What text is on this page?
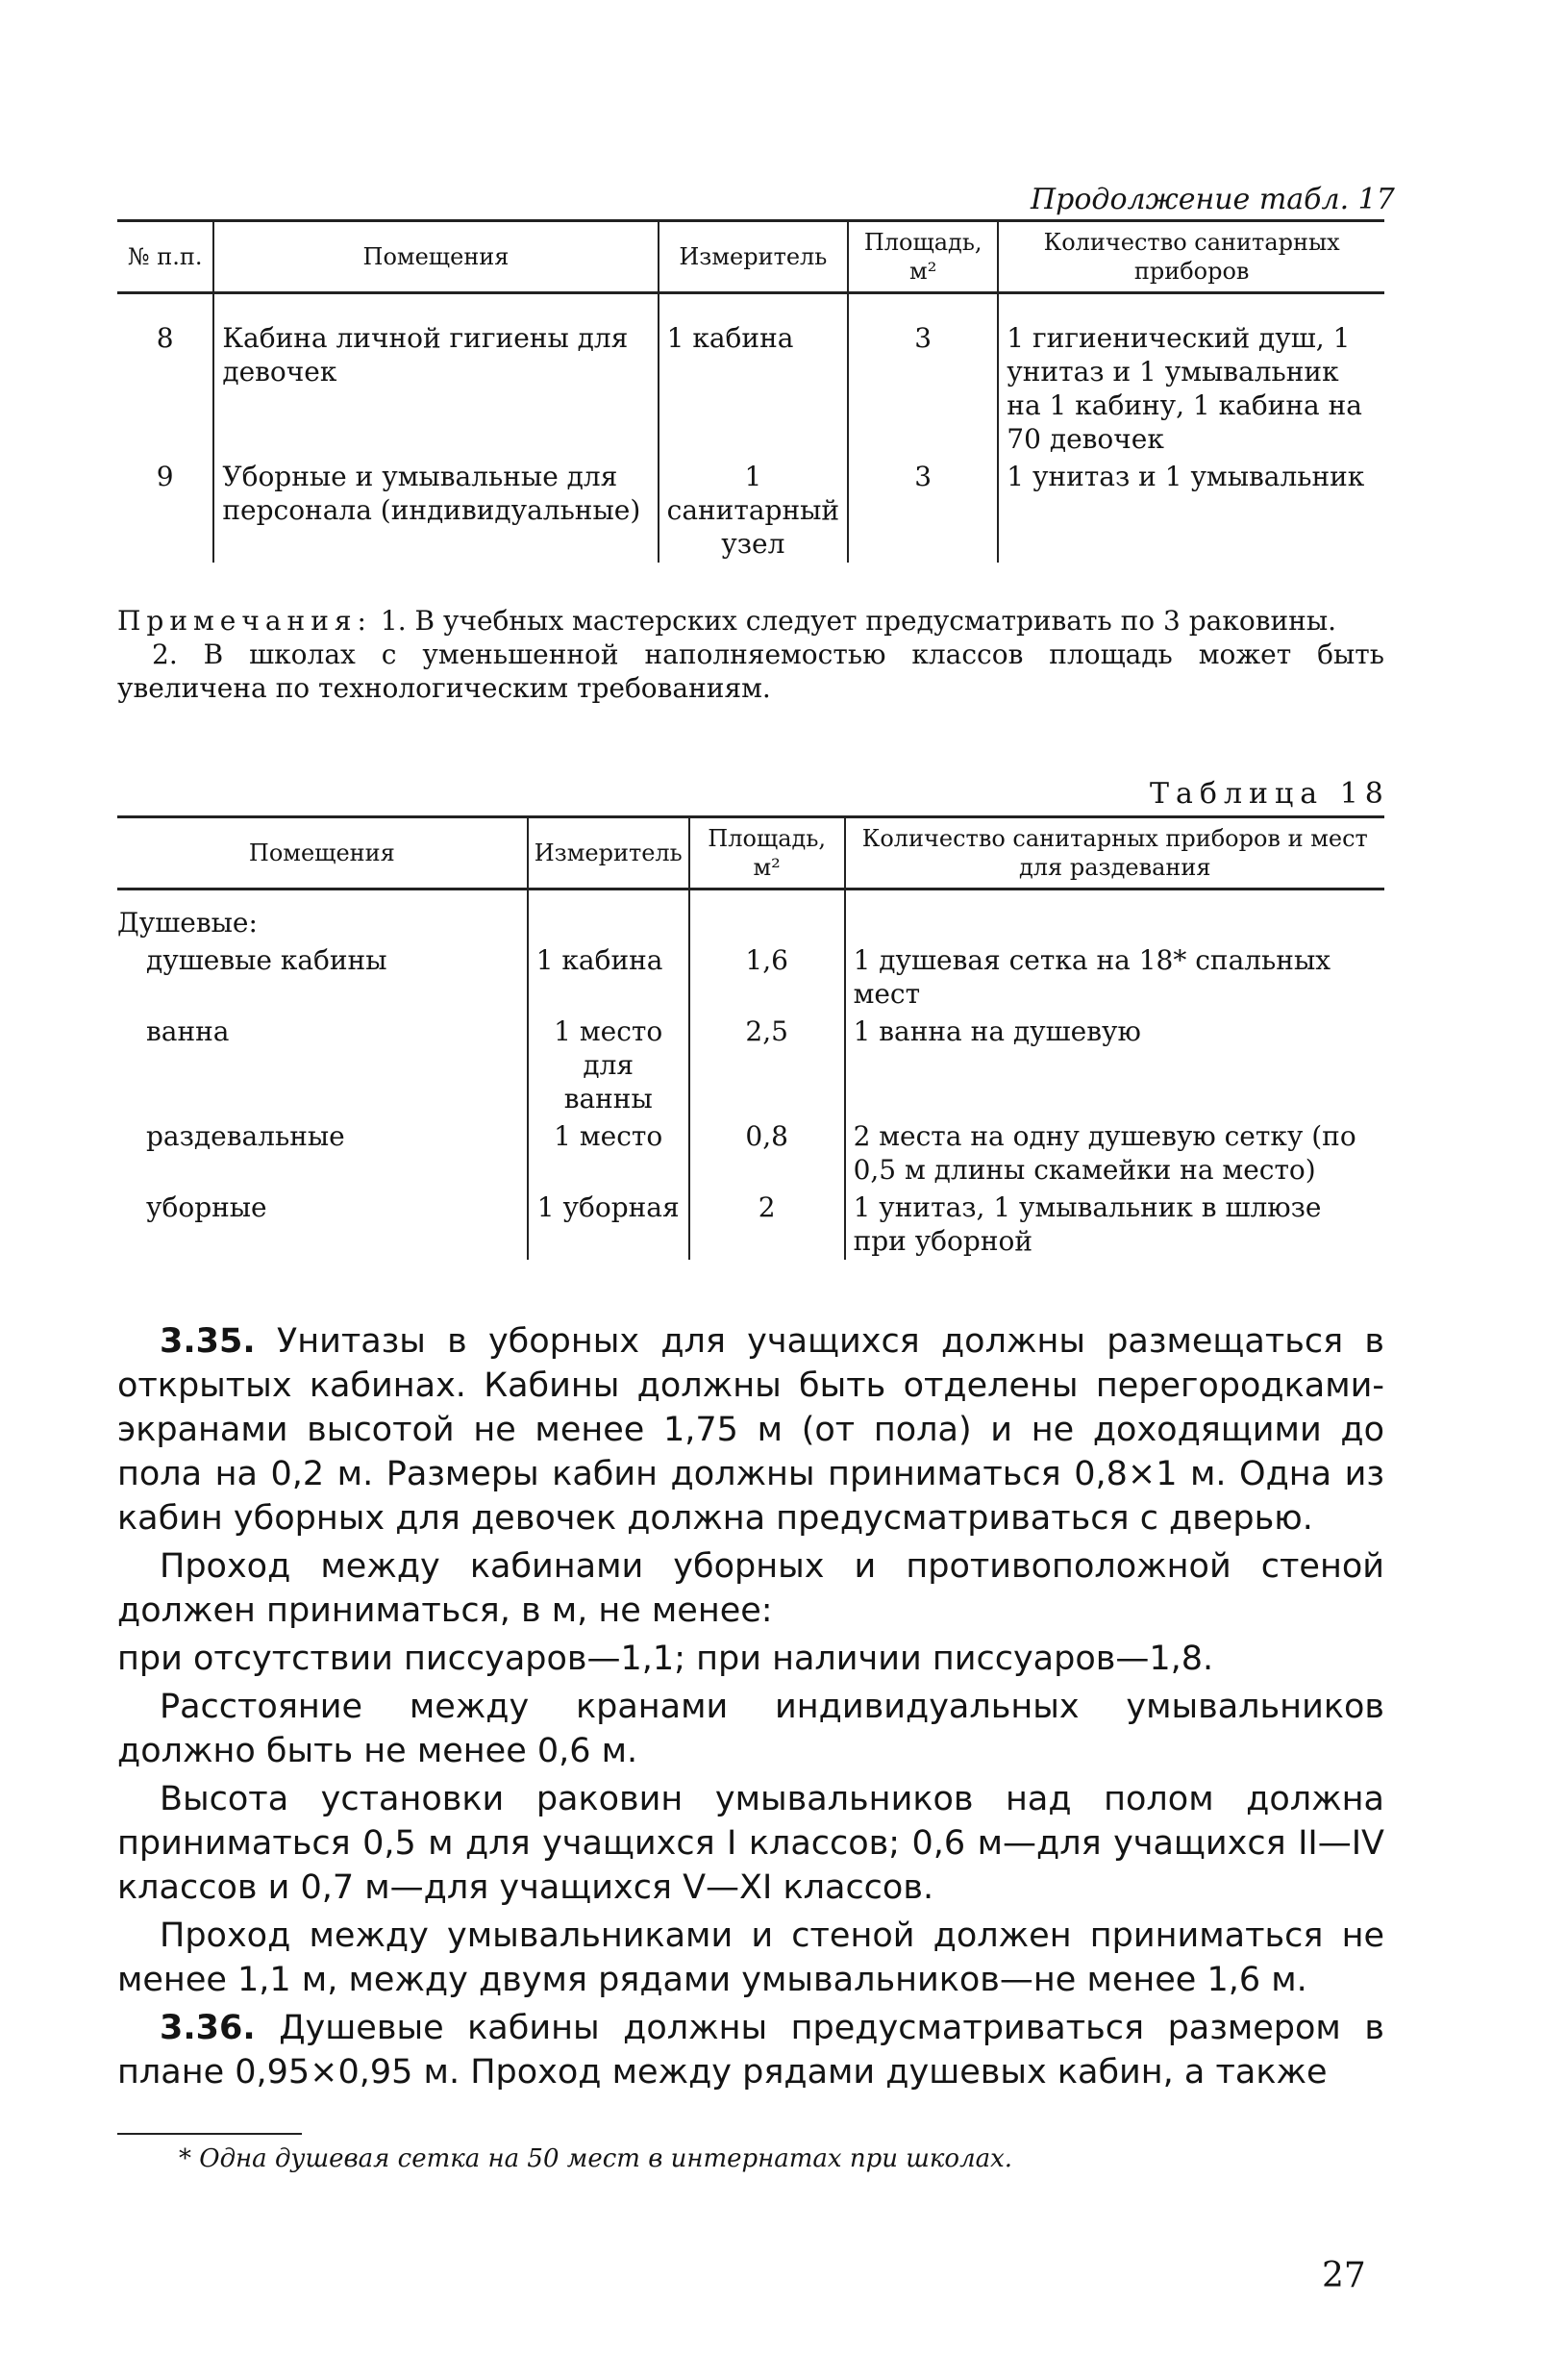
Продолжение табл. 17
№ п.п.	Помещения	Измеритель	Площадь, м²	Количество санитарных приборов

8	Кабина личной гигиены для девочек	1 кабина	3	1 гигиенический душ, 1 унитаз и 1 умывальник на 1 кабину, 1 кабина на 70 девочек
9	Уборные и умывальные для персонала (индивидуальные)	1 санитарный узел	3	1 унитаз и 1 умывальник

Примечания: 1. В учебных мастерских следует предусматривать по 3 раковины.

2. В школах с уменьшенной наполняемостью классов площадь может быть увеличена по технологическим требованиям.

Таблица 18
Помещения	Измеритель	Площадь, м²	Количество санитарных приборов и мест для раздевания
Душевые:			
душевые кабины	1 кабина	1,6	1 душевая сетка на 18* спальных мест
ванна	1 место для ванны	2,5	1 ванна на душевую
раздевальные	1 место	0,8	2 места на одну душевую сетку (по 0,5 м длины скамейки на место)
уборные	1 уборная	2	1 унитаз, 1 умывальник в шлюзе при уборной

3.35. Унитазы в уборных для учащихся должны размещаться в открытых кабинах. Кабины должны быть отделены перегородками-экранами высотой не менее 1,75 м (от пола) и не доходящими до пола на 0,2 м. Размеры кабин должны приниматься 0,8×1 м. Одна из кабин уборных для девочек должна предусматриваться с дверью.

Проход между кабинами уборных и противоположной стеной должен приниматься, в м, не менее:

при отсутствии писсуаров—1,1; при наличии писсуаров—1,8.

Расстояние между кранами индивидуальных умывальников должно быть не менее 0,6 м.

Высота установки раковин умывальников над полом должна приниматься 0,5 м для учащихся I классов; 0,6 м—для учащихся II—IV классов и 0,7 м—для учащихся V—XI классов.

Проход между умывальниками и стеной должен приниматься не менее 1,1 м, между двумя рядами умывальников—не менее 1,6 м.

3.36. Душевые кабины должны предусматриваться размером в плане 0,95×0,95 м. Проход между рядами душевых кабин, а также

* Одна душевая сетка на 50 мест в интернатах при школах.
27
